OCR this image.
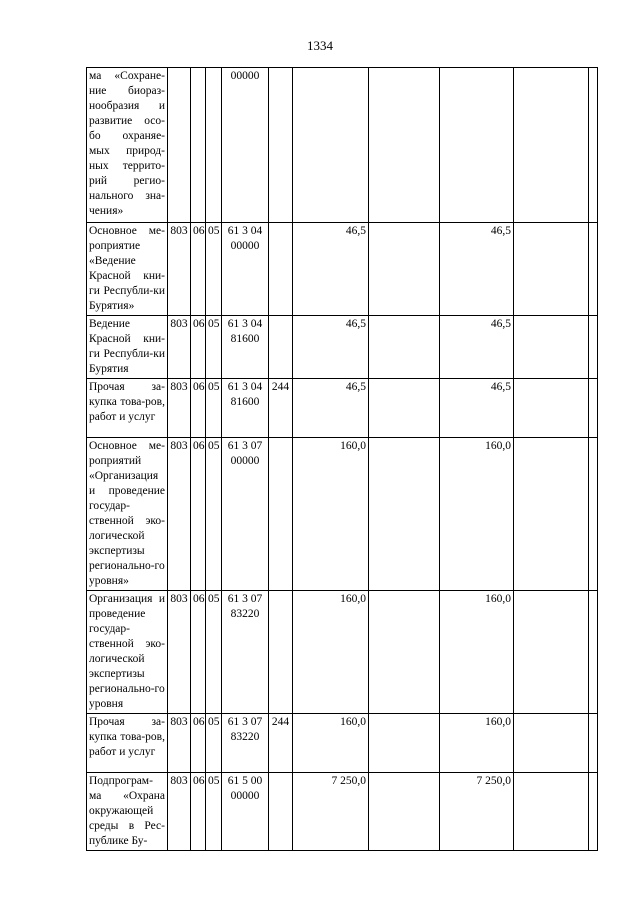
1334
ма «Сохране-ние биораз-нообразия и развитие осо-бо охраняе-мых природ-ных террито-рий регио-нального зна-чения»				00000						
Основное ме-роприятие «Ведение Красной кни-ги Республи-ки Бурятия»	803	06	05	61 3 04 00000		46,5		46,5		
Ведение Красной кни-ги Республи-ки Бурятия	803	06	05	61 3 04 81600		46,5		46,5		
Прочая за-купка това-ров, работ и услуг	803	06	05	61 3 04 81600	244	46,5		46,5		
Основное ме-роприятий «Организация и проведение государ-ственной эко-логической экспертизы регионально-го уровня»	803	06	05	61 3 07 00000		160,0		160,0		
Организация и проведение государ-ственной эко-логической экспертизы регионально-го уровня	803	06	05	61 3 07 83220		160,0		160,0		
Прочая за-купка това-ров, работ и услуг	803	06	05	61 3 07 83220	244	160,0		160,0		
Подпрограм-ма «Охрана окружающей среды в Рес-публике Бу-	803	06	05	61 5 00 00000		7 250,0		7 250,0		
